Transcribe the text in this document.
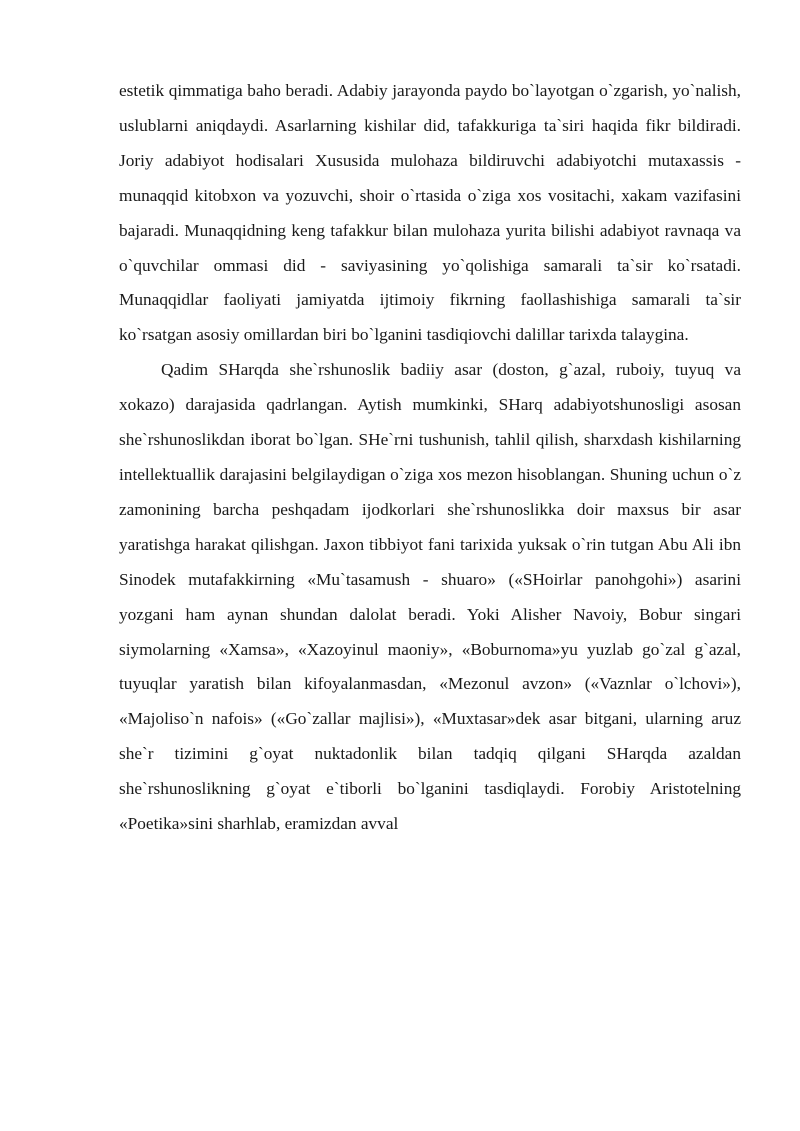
estetik qimmatiga baho beradi. Adabiy jarayonda paydo bo`layotgan o`zgarish, yo`nalish, uslublarni aniqdaydi. Asarlarning kishilar did, tafakkuriga ta`siri haqida fikr bildiradi. Joriy adabiyot hodisalari Xususida mulohaza bildiruvchi adabiyotchi mutaxassis - munaqqid kitobxon va yozuvchi, shoir o`rtasida o`ziga xos vositachi, xakam vazifasini bajaradi. Munaqqidning keng tafakkur bilan mulohaza yurita bilishi adabiyot ravnaqa va o`quvchilar ommasi did - saviyasining yo`qolishiga samarali ta`sir ko`rsatadi. Munaqqidlar faoliyati jamiyatda ijtimoiy fikrning faollashishiga samarali ta`sir ko`rsatgan asosiy omillardan biri bo`lganini tasdiqiovchi dalillar tarixda talaygina.

Qadim SHarqda she`rshunoslik badiiy asar (doston, g`azal, ruboiy, tuyuq va xokazo) darajasida qadrlangan. Aytish mumkinki, SHarq adabiyotshunosligi asosan she`rshunoslikdan iborat bo`lgan. SHe`rni tushunish, tahlil qilish, sharxdash kishilarning intellektuallik darajasini belgilaydigan o`ziga xos mezon hisoblangan. Shuning uchun o`z zamonining barcha peshqadam ijodkorlari she`rshunoslikka doir maxsus bir asar yaratishga harakat qilishgan. Jaxon tibbiyot fani tarixida yuksak o`rin tutgan Abu Ali ibn Sinodek mutafakkirning «Mu`tasamush - shuaro» («SHoirlar panohgohi») asarini yozgani ham aynan shundan dalolat beradi. Yoki Alisher Navoiy, Bobur singari siymolarning «Xamsa», «Xazoyinul maoniy», «Boburnoma»yu yuzlab go`zal g`azal, tuyuqlar yaratish bilan kifoyalanmasdan, «Mezonul avzon» («Vaznlar o`lchovi»), «Majoliso`n nafois» («Go`zallar majlisi»), «Muxtasar»dek asar bitgani, ularning aruz she`r tizimini g`oyat nuktadonlik bilan tadqiq qilgani SHarqda azaldan she`rshunoslikning g`oyat e`tiborli bo`lganini tasdiqlaydi. Forobiy Aristotelning «Poetika»sini sharhlab, eramizdan avval
